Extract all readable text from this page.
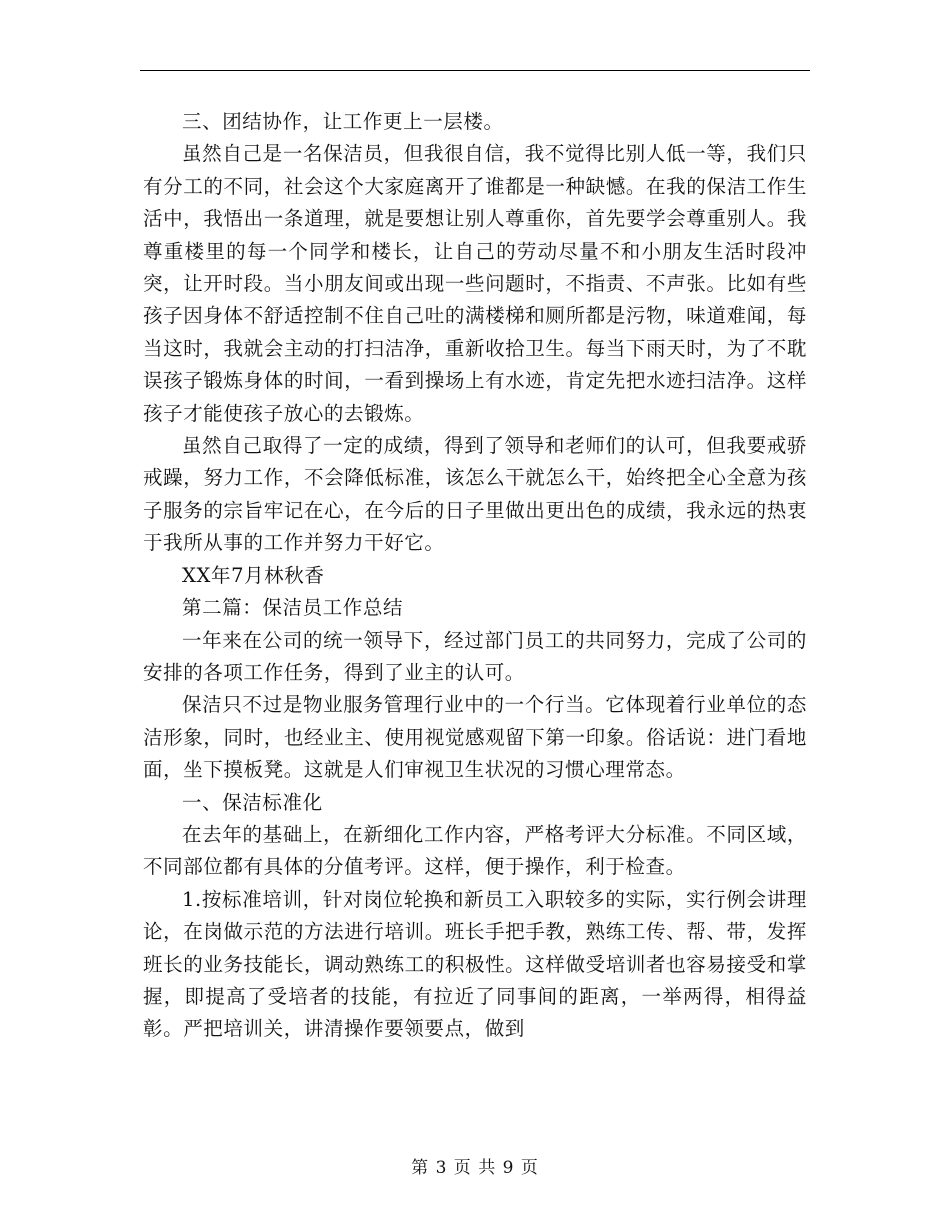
三、团结协作，让工作更上一层楼。

虽然自己是一名保洁员，但我很自信，我不觉得比别人低一等，我们只有分工的不同，社会这个大家庭离开了谁都是一种缺憾。在我的保洁工作生活中，我悟出一条道理，就是要想让别人尊重你，首先要学会尊重别人。我尊重楼里的每一个同学和楼长，让自己的劳动尽量不和小朋友生活时段冲突，让开时段。当小朋友间或出现一些问题时，不指责、不声张。比如有些孩子因身体不舒适控制不住自己吐的满楼梯和厕所都是污物，味道难闻，每当这时，我就会主动的打扫洁净，重新收拾卫生。每当下雨天时，为了不耽误孩子锻炼身体的时间，一看到操场上有水迹，肯定先把水迹扫洁净。这样孩子才能使孩子放心的去锻炼。

虽然自己取得了一定的成绩，得到了领导和老师们的认可，但我要戒骄戒躁，努力工作，不会降低标准，该怎么干就怎么干，始终把全心全意为孩子服务的宗旨牢记在心，在今后的日子里做出更出色的成绩，我永远的热衷于我所从事的工作并努力干好它。

XX年7月林秋香

第二篇：保洁员工作总结

一年来在公司的统一领导下，经过部门员工的共同努力，完成了公司的安排的各项工作任务，得到了业主的认可。

保洁只不过是物业服务管理行业中的一个行当。它体现着行业单位的态洁形象，同时，也经业主、使用视觉感观留下第一印象。俗话说：进门看地面，坐下摸板凳。这就是人们审视卫生状况的习惯心理常态。

一、保洁标准化

在去年的基础上，在新细化工作内容，严格考评大分标准。不同区域，不同部位都有具体的分值考评。这样，便于操作，利于检查。

1.按标准培训，针对岗位轮换和新员工入职较多的实际，实行例会讲理论，在岗做示范的方法进行培训。班长手把手教，熟练工传、帮、带，发挥班长的业务技能长，调动熟练工的积极性。这样做受培训者也容易接受和掌握，即提高了受培者的技能，有拉近了同事间的距离，一举两得，相得益彰。严把培训关，讲清操作要领要点，做到

第 3 页 共 9 页
